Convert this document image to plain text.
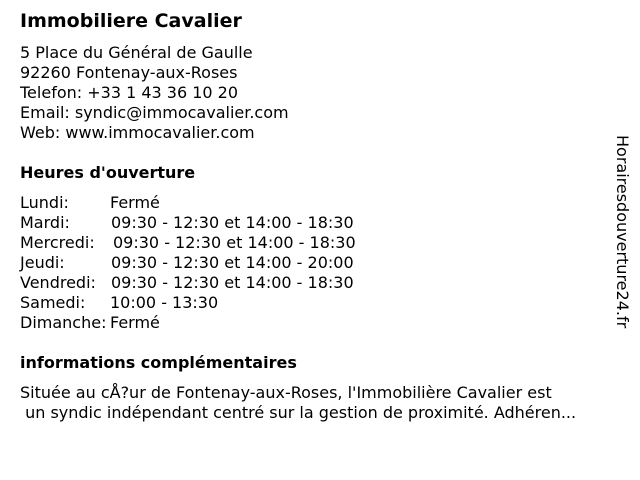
Immobiliere Cavalier
5 Place du Général de Gaulle
92260 Fontenay-aux-Roses
Telefon: +33 1 43 36 10 20
Email: syndic@immocavalier.com
Web: www.immocavalier.com
Heures d'ouverture
Lundi:	Fermé
Mardi:	09:30 - 12:30 et 14:00 - 18:30
Mercredi: 09:30 - 12:30 et 14:00 - 18:30
Jeudi:	09:30 - 12:30 et 14:00 - 20:00
Vendredi: 09:30 - 12:30 et 14:00 - 18:30
Samedi: 10:00 - 13:30
Dimanche: Fermé
informations complémentaires
Située au cÅ?ur de Fontenay-aux-Roses, l'Immobilière Cavalier est
un syndic indépendant centré sur la gestion de proximité. Adhéren...
Horairesdouverture24.fr
